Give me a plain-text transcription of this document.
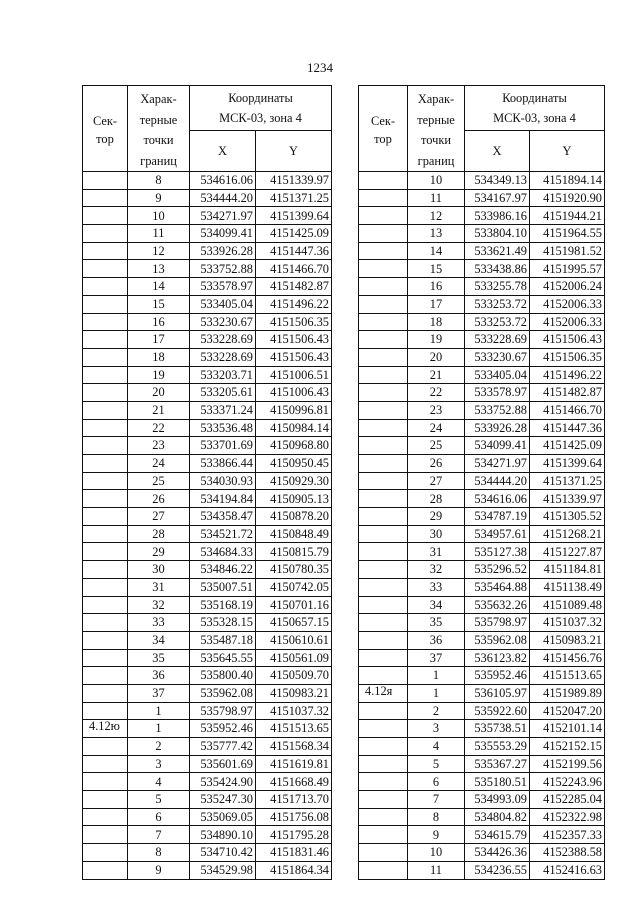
1234
Сек-
тор	Харак-
терные
точки
границ	Координаты
МСК-03, зона 4	
		X	Y
	8	534616.06	4151339.97
	9	534444.20	4151371.25
	10	534271.97	4151399.64
	11	534099.41	4151425.09
	12	533926.28	4151447.36
	13	533752.88	4151466.70
	14	533578.97	4151482.87
	15	533405.04	4151496.22
	16	533230.67	4151506.35
	17	533228.69	4151506.43
	18	533228.69	4151506.43
	19	533203.71	4151006.51
	20	533205.61	4151006.43
	21	533371.24	4150996.81
	22	533536.48	4150984.14
	23	533701.69	4150968.80
	24	533866.44	4150950.45
	25	534030.93	4150929.30
	26	534194.84	4150905.13
	27	534358.47	4150878.20
	28	534521.72	4150848.49
	29	534684.33	4150815.79
	30	534846.22	4150780.35
	31	535007.51	4150742.05
	32	535168.19	4150701.16
	33	535328.15	4150657.15
	34	535487.18	4150610.61
	35	535645.55	4150561.09
	36	535800.40	4150509.70
	37	535962.08	4150983.21
	1	535798.97	4151037.32
4.12ю	1	535952.46	4151513.65
	2	535777.42	4151568.34
	3	535601.69	4151619.81
	4	535424.90	4151668.49
	5	535247.30	4151713.70
	6	535069.05	4151756.08
	7	534890.10	4151795.28
	8	534710.42	4151831.46
	9	534529.98	4151864.34
Сек-
тор	Харак-
терные
точки
границ	Координаты
МСК-03, зона 4	
		X	Y
	10	534349.13	4151894.14
	11	534167.97	4151920.90
	12	533986.16	4151944.21
	13	533804.10	4151964.55
	14	533621.49	4151981.52
	15	533438.86	4151995.57
	16	533255.78	4152006.24
	17	533253.72	4152006.33
	18	533253.72	4152006.33
	19	533228.69	4151506.43
	20	533230.67	4151506.35
	21	533405.04	4151496.22
	22	533578.97	4151482.87
	23	533752.88	4151466.70
	24	533926.28	4151447.36
	25	534099.41	4151425.09
	26	534271.97	4151399.64
	27	534444.20	4151371.25
	28	534616.06	4151339.97
	29	534787.19	4151305.52
	30	534957.61	4151268.21
	31	535127.38	4151227.87
	32	535296.52	4151184.81
	33	535464.88	4151138.49
	34	535632.26	4151089.48
	35	535798.97	4151037.32
	36	535962.08	4150983.21
	37	536123.82	4151456.76
	1	535952.46	4151513.65
4.12я	1	536105.97	4151989.89
	2	535922.60	4152047.20
	3	535738.51	4152101.14
	4	535553.29	4152152.15
	5	535367.27	4152199.56
	6	535180.51	4152243.96
	7	534993.09	4152285.04
	8	534804.82	4152322.98
	9	534615.79	4152357.33
	10	534426.36	4152388.58
	11	534236.55	4152416.63
